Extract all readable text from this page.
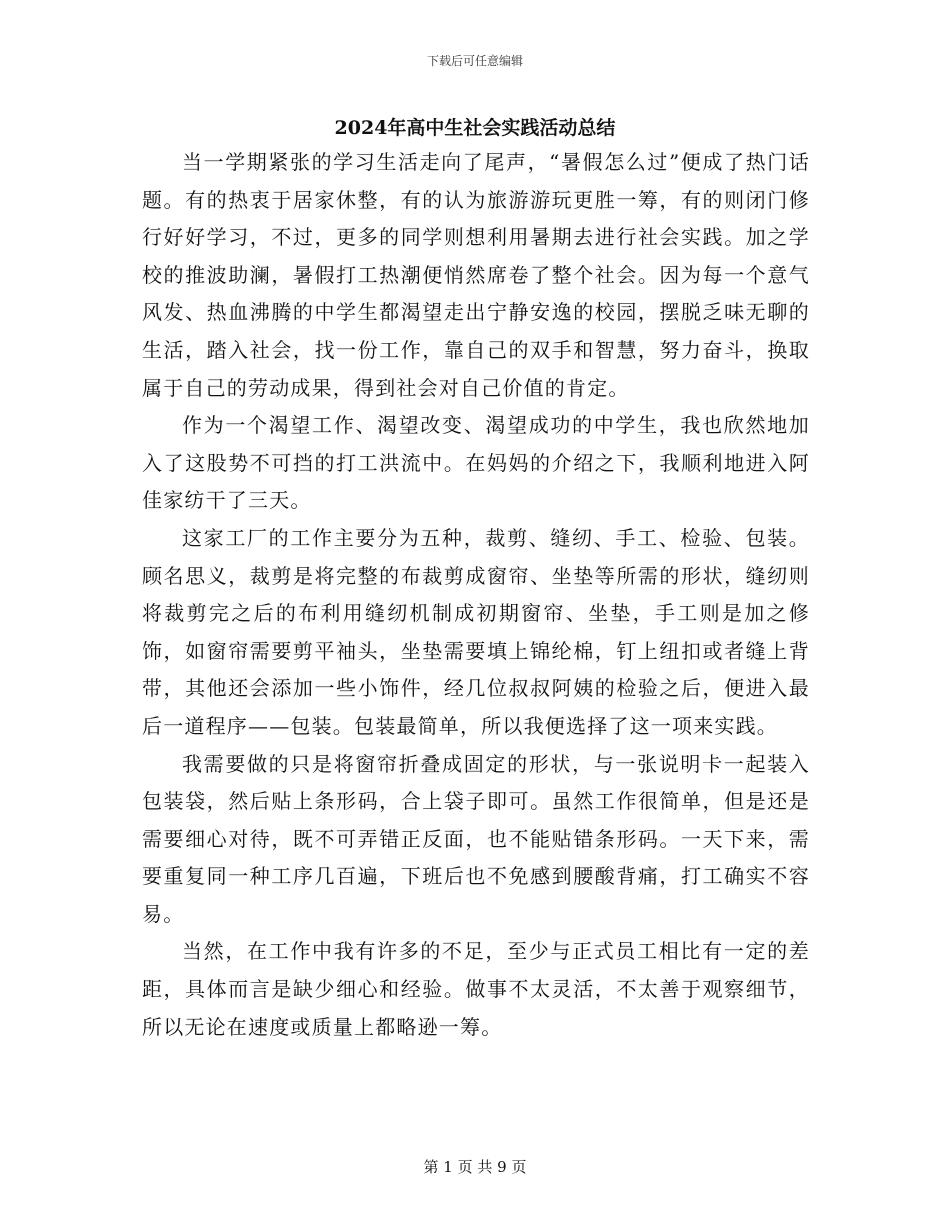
下载后可任意编辑
2024年高中生社会实践活动总结

当一学期紧张的学习生活走向了尾声，“暑假怎么过”便成了热门话题。有的热衷于居家休整，有的认为旅游游玩更胜一筹，有的则闭门修行好好学习，不过，更多的同学则想利用暑期去进行社会实践。加之学校的推波助澜，暑假打工热潮便悄然席卷了整个社会。因为每一个意气风发、热血沸腾的中学生都渴望走出宁静安逸的校园，摆脱乏味无聊的生活，踏入社会，找一份工作，靠自己的双手和智慧，努力奋斗，换取属于自己的劳动成果，得到社会对自己价值的肯定。

作为一个渴望工作、渴望改变、渴望成功的中学生，我也欣然地加入了这股势不可挡的打工洪流中。在妈妈的介绍之下，我顺利地进入阿佳家纺干了三天。

这家工厂的工作主要分为五种，裁剪、缝纫、手工、检验、包装。顾名思义，裁剪是将完整的布裁剪成窗帘、坐垫等所需的形状，缝纫则将裁剪完之后的布利用缝纫机制成初期窗帘、坐垫，手工则是加之修饰，如窗帘需要剪平袖头，坐垫需要填上锦纶棉，钉上纽扣或者缝上背带，其他还会添加一些小饰件，经几位叔叔阿姨的检验之后，便进入最后一道程序——包装。包装最简单，所以我便选择了这一项来实践。

我需要做的只是将窗帘折叠成固定的形状，与一张说明卡一起装入包装袋，然后贴上条形码，合上袋子即可。虽然工作很简单，但是还是需要细心对待，既不可弄错正反面，也不能贴错条形码。一天下来，需要重复同一种工序几百遍，下班后也不免感到腰酸背痛，打工确实不容易。

当然，在工作中我有许多的不足，至少与正式员工相比有一定的差距，具体而言是缺少细心和经验。做事不太灵活，不太善于观察细节，所以无论在速度或质量上都略逊一筹。

第 1 页 共 9 页
